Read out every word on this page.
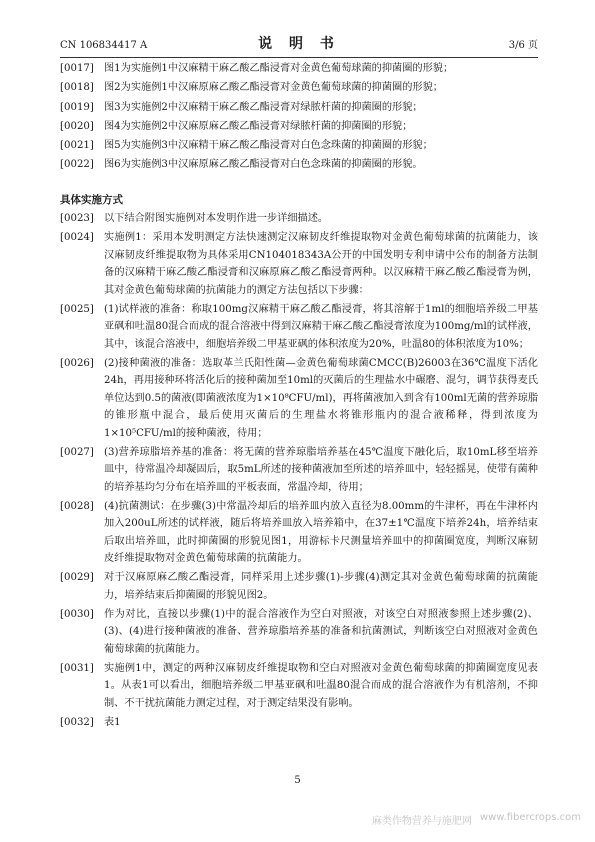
CN 106834417 A	说 明 书	3/6 页
[0017] 图1为实施例1中汉麻精干麻乙酸乙酯浸膏对金黄色葡萄球菌的抑菌圈的形貌；
[0018] 图2为实施例1中汉麻原麻乙酸乙酯浸膏对金黄色葡萄球菌的抑菌圈的形貌；
[0019] 图3为实施例2中汉麻精干麻乙酸乙酯浸膏对绿脓杆菌的抑菌圈的形貌；
[0020] 图4为实施例2中汉麻原麻乙酸乙酯浸膏对绿脓杆菌的抑菌圈的形貌；
[0021] 图5为实施例3中汉麻精干麻乙酸乙酯浸膏对白色念珠菌的抑菌圈的形貌；
[0022] 图6为实施例3中汉麻原麻乙酸乙酯浸膏对白色念珠菌的抑菌圈的形貌。
具体实施方式
[0023] 以下结合附图实施例对本发明作进一步详细描述。
[0024] 实施例1：采用本发明测定方法快速测定汉麻韧皮纤维提取物对金黄色葡萄球菌的抗菌能力，该汉麻韧皮纤维提取物为具体采用CN104018343A公开的中国发明专利申请中公布的制备方法制备的汉麻精干麻乙酸乙酯浸膏和汉麻原麻乙酸乙酯浸膏两种。以汉麻精干麻乙酸乙酯浸膏为例，其对金黄色葡萄球菌的抗菌能力的测定方法包括以下步骤：
[0025] (1)试样液的准备：称取100mg汉麻精干麻乙酸乙酯浸膏，将其溶解于1ml的细胞培养级二甲基亚砜和吐温80混合而成的混合溶液中得到汉麻精干麻乙酸乙酯浸膏浓度为100mg/ml的试样液，其中，该混合溶液中，细胞培养级二甲基亚砜的体积浓度为20%，吐温80的体积浓度为10%；
[0026] (2)接种菌液的准备：选取革兰氏阳性菌—金黄色葡萄球菌CMCC(B)26003在36℃温度下活化24h，再用接种环将活化后的接种菌加至10ml的灭菌后的生理盐水中碾磨、混匀，调节获得麦氏单位达到0.5的菌液(即菌液浓度为1×10⁸CFU/ml)，再将菌液加入到含有100ml无菌的营养琼脂的锥形瓶中混合，最后使用灭菌后的生理盐水将锥形瓶内的混合液稀释，得到浓度为1×10⁵CFU/ml的接种菌液，待用；
[0027] (3)营养琼脂培养基的准备：将无菌的营养琼脂培养基在45℃温度下融化后，取10mL移至培养皿中，待常温冷却凝固后，取5mL所述的接种菌液加至所述的培养皿中，轻轻摇晃，使带有菌种的培养基均匀分布在培养皿的平板表面，常温冷却，待用；
[0028] (4)抗菌测试：在步骤(3)中常温冷却后的培养皿内放入直径为8.00mm的牛津杯，再在牛津杯内加入200uL所述的试样液，随后将培养皿放入培养箱中，在37±1℃温度下培养24h，培养结束后取出培养皿，此时抑菌圈的形貌见图1，用游标卡尺测量培养皿中的抑菌圈宽度，判断汉麻韧皮纤维提取物对金黄色葡萄球菌的抗菌能力。
[0029] 对于汉麻原麻乙酸乙酯浸膏，同样采用上述步骤(1)-步骤(4)测定其对金黄色葡萄球菌的抗菌能力，培养结束后抑菌圈的形貌见图2。
[0030] 作为对比，直接以步骤(1)中的混合溶液作为空白对照液，对该空白对照液参照上述步骤(2)、(3)、(4)进行接种菌液的准备、营养琼脂培养基的准备和抗菌测试，判断该空白对照液对金黄色葡萄球菌的抗菌能力。
[0031] 实施例1中，测定的两种汉麻韧皮纤维提取物和空白对照液对金黄色葡萄球菌的抑菌圈宽度见表1。从表1可以看出，细胞培养级二甲基亚砜和吐温80混合而成的混合溶液作为有机溶剂，不抑制、不干扰抗菌能力测定过程，对于测定结果没有影响。
[0032] 表1
5
麻类作物营养与施肥网 www.fibercrops.com
